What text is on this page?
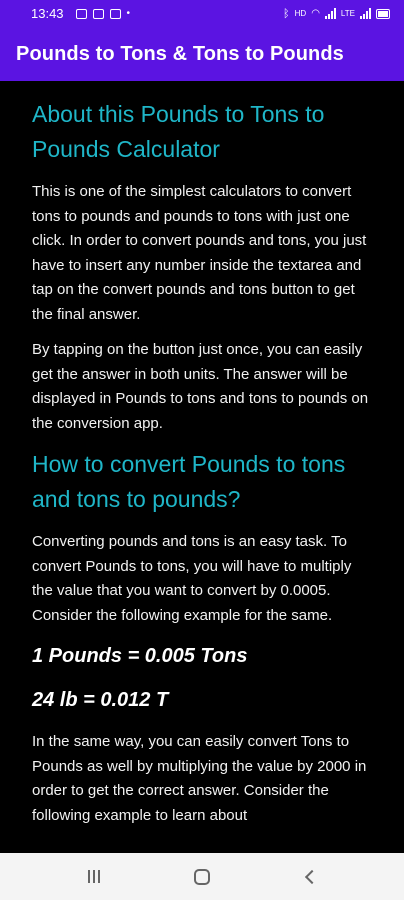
13:43	•	ᛒ HD ◠	LTE
Pounds to Tons & Tons to Pounds
About this Pounds to Tons to Pounds Calculator

This is one of the simplest calculators to convert tons to pounds and pounds to tons with just one click. In order to convert pounds and tons, you just have to insert any number inside the textarea and tap on the convert pounds and tons button to get the final answer.

By tapping on the button just once, you can easily get the answer in both units. The answer will be displayed in Pounds to tons and tons to pounds on the conversion app.

How to convert Pounds to tons and tons to pounds?

Converting pounds and tons is an easy task. To convert Pounds to tons, you will have to multiply the value that you want to convert by 0.0005. Consider the following example for the same.

1 Pounds = 0.005 Tons
24 lb = 0.012 T

In the same way, you can easily convert Tons to Pounds as well by multiplying the value by 2000 in order to get the correct answer. Consider the following example to learn about
